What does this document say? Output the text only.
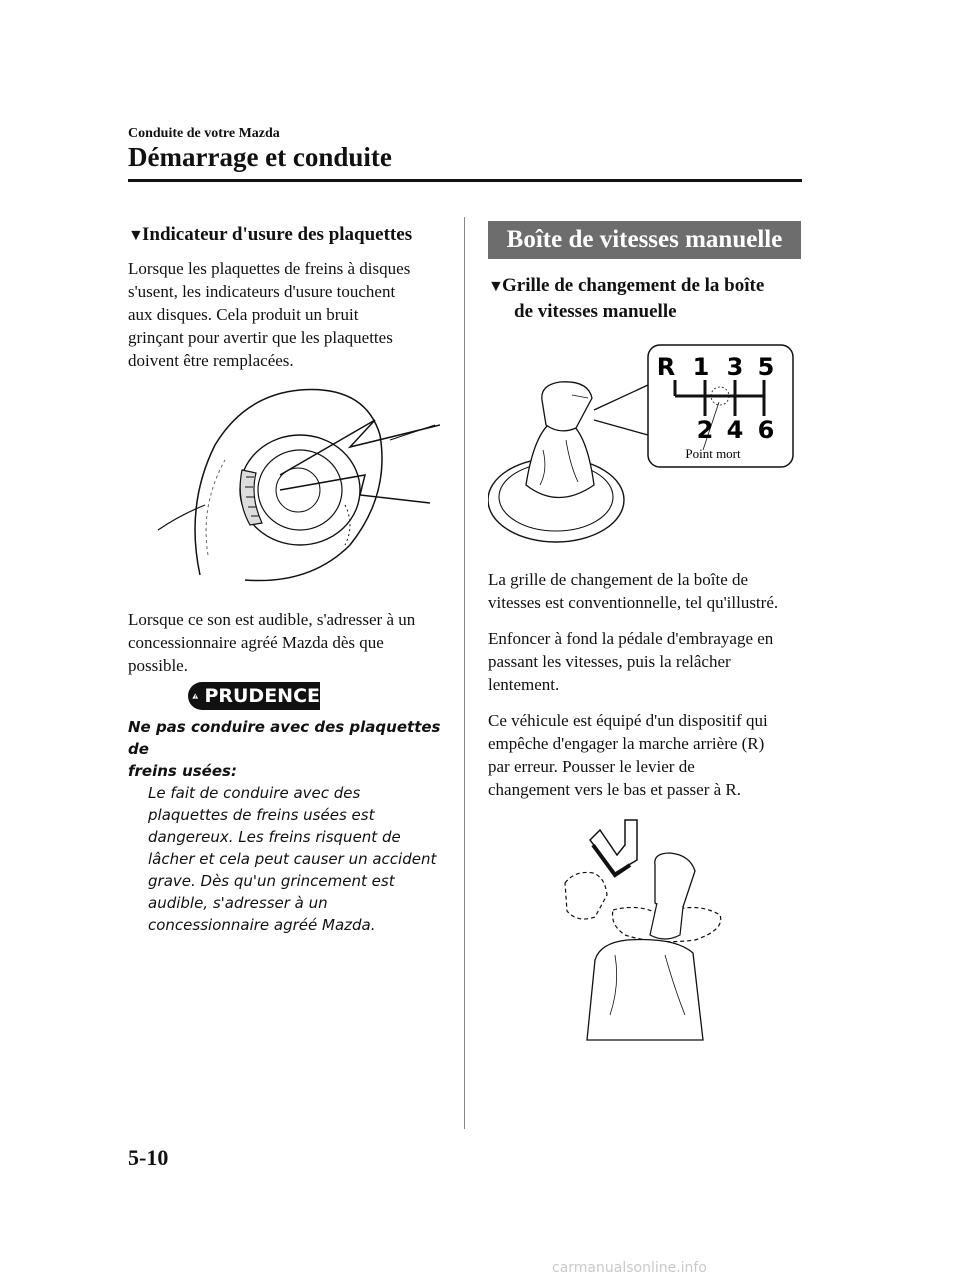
Conduite de votre Mazda
Démarrage et conduite
▼Indicateur d'usure des plaquettes
Lorsque les plaquettes de freins à disques
s'usent, les indicateurs d'usure touchent
aux disques. Cela produit un bruit
grinçant pour avertir que les plaquettes
doivent être remplacées.
Lorsque ce son est audible, s'adresser à un
concessionnaire agréé Mazda dès que
possible.
PRUDENCE
Ne pas conduire avec des plaquettes de
freins usées:
Le fait de conduire avec des
plaquettes de freins usées est
dangereux. Les freins risquent de
lâcher et cela peut causer un accident
grave. Dès qu'un grincement est
audible, s'adresser à un
concessionnaire agréé Mazda.
Boîte de vitesses manuelle
▼Grille de changement de la boîte
de vitesses manuelle
R 1 3 5
2 4 6
Point mort
La grille de changement de la boîte de
vitesses est conventionnelle, tel qu'illustré.
Enfoncer à fond la pédale d'embrayage en
passant les vitesses, puis la relâcher
lentement.
Ce véhicule est équipé d'un dispositif qui
empêche d'engager la marche arrière (R)
par erreur. Pousser le levier de
changement vers le bas et passer à R.
5-10
carmanualsonline.info
